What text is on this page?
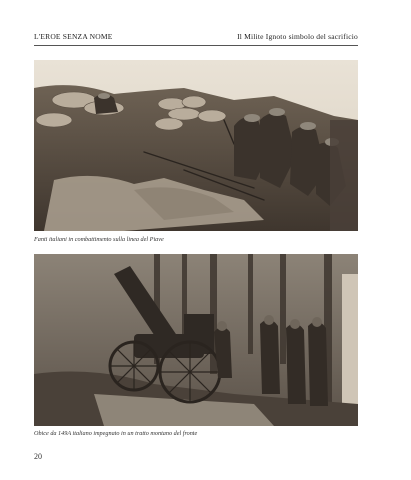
L'EROE SENZA NOME	Il Milite Ignoto simbolo del sacrificio
Fanti italiani in combattimento sulla linea del Piave
Obice da 149A italiano impegnato in un tratto montano del fronte
20
